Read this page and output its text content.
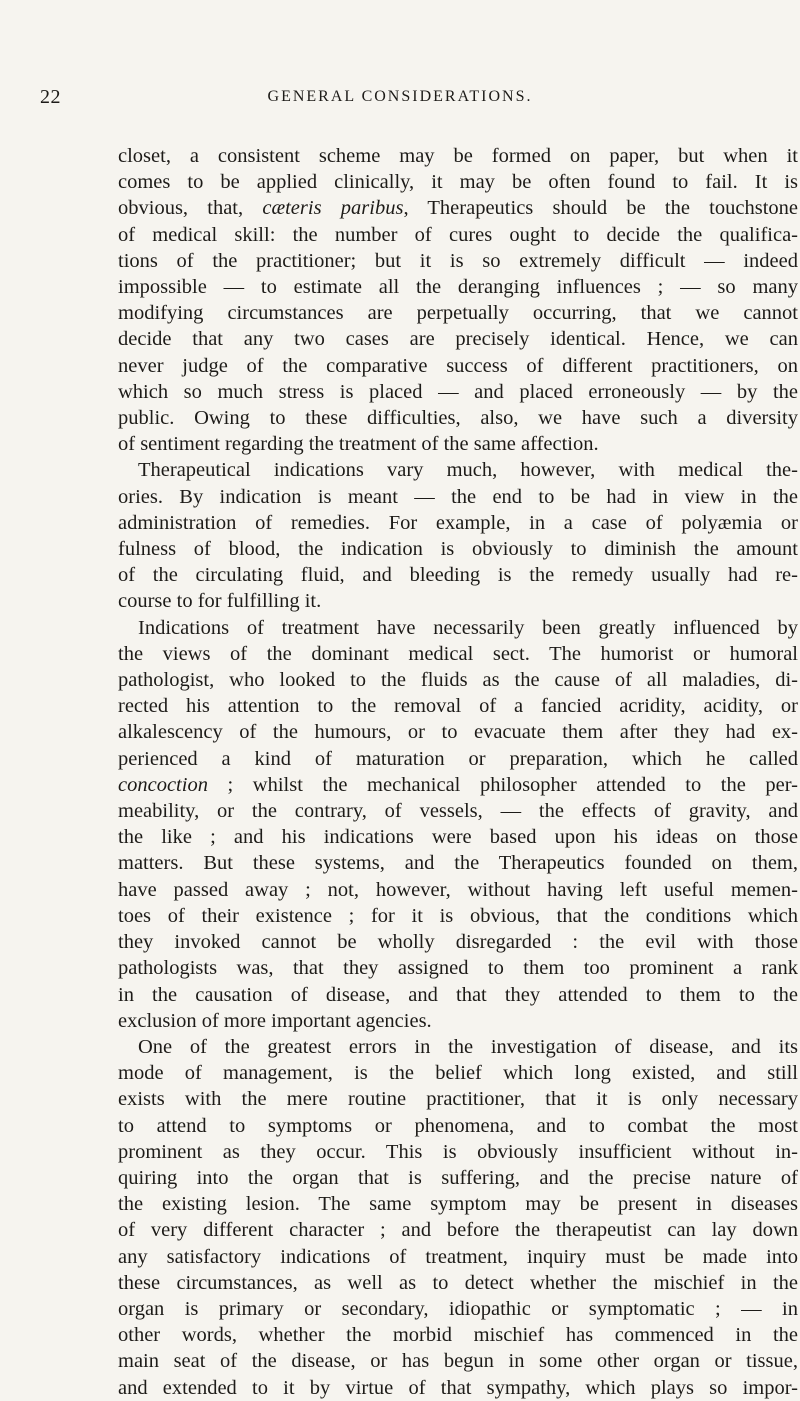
22	GENERAL CONSIDERATIONS.

closet, a consistent scheme may be formed on paper, but when it
comes to be applied clinically, it may be often found to fail. It is
obvious, that, cæteris paribus, Therapeutics should be the touchstone
of medical skill: the number of cures ought to decide the qualifica-
tions of the practitioner; but it is so extremely difficult — indeed
impossible — to estimate all the deranging influences ; — so many
modifying circumstances are perpetually occurring, that we cannot
decide that any two cases are precisely identical. Hence, we can
never judge of the comparative success of different practitioners, on
which so much stress is placed — and placed erroneously — by the
public. Owing to these difficulties, also, we have such a diversity
of sentiment regarding the treatment of the same affection.

Therapeutical indications vary much, however, with medical the-
ories. By indication is meant — the end to be had in view in the
administration of remedies. For example, in a case of polyæmia or
fulness of blood, the indication is obviously to diminish the amount
of the circulating fluid, and bleeding is the remedy usually had re-
course to for fulfilling it.

Indications of treatment have necessarily been greatly influenced by
the views of the dominant medical sect. The humorist or humoral
pathologist, who looked to the fluids as the cause of all maladies, di-
rected his attention to the removal of a fancied acridity, acidity, or
alkalescency of the humours, or to evacuate them after they had ex-
perienced a kind of maturation or preparation, which he called
concoction ; whilst the mechanical philosopher attended to the per-
meability, or the contrary, of vessels, — the effects of gravity, and
the like ; and his indications were based upon his ideas on those
matters. But these systems, and the Therapeutics founded on them,
have passed away ; not, however, without having left useful memen-
toes of their existence ; for it is obvious, that the conditions which
they invoked cannot be wholly disregarded : the evil with those
pathologists was, that they assigned to them too prominent a rank
in the causation of disease, and that they attended to them to the
exclusion of more important agencies.

One of the greatest errors in the investigation of disease, and its
mode of management, is the belief which long existed, and still
exists with the mere routine practitioner, that it is only necessary
to attend to symptoms or phenomena, and to combat the most
prominent as they occur. This is obviously insufficient without in-
quiring into the organ that is suffering, and the precise nature of
the existing lesion. The same symptom may be present in diseases
of very different character ; and before the therapeutist can lay down
any satisfactory indications of treatment, inquiry must be made into
these circumstances, as well as to detect whether the mischief in the
organ is primary or secondary, idiopathic or symptomatic ; — in
other words, whether the morbid mischief has commenced in the
main seat of the disease, or has begun in some other organ or tissue,
and extended to it by virtue of that sympathy, which plays so impor-
